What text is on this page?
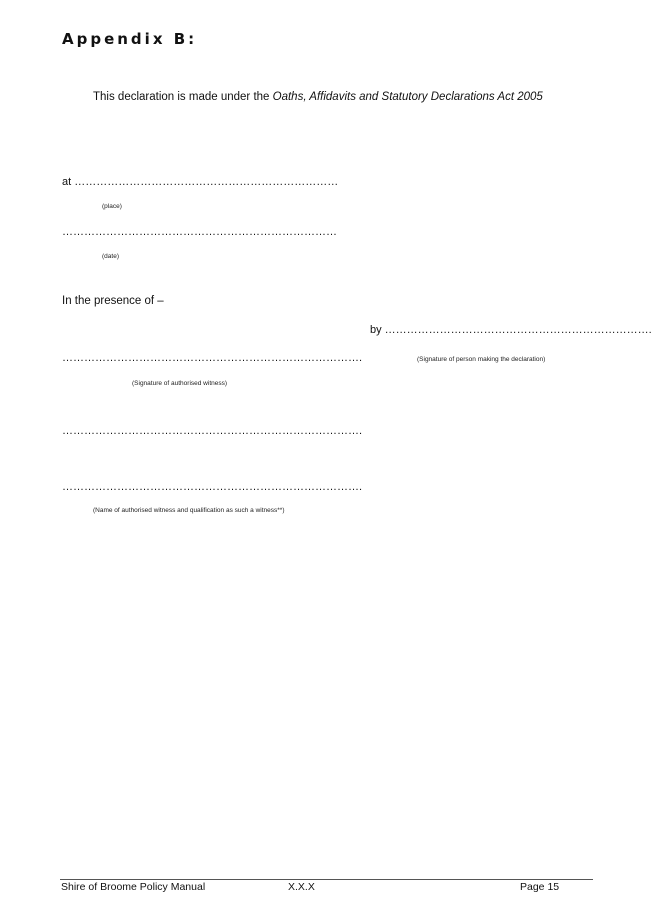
Appendix B:
This declaration is made under the Oaths, Affidavits and Statutory Declarations Act 2005
at ………………………………………………………………
(place)
…………………………………………………………………
(date)
In the presence of –
by ……………………………………………………………….
……………………………………………………………………….	(Signature of person making the declaration)
(Signature of authorised witness)
……………………………………………………………………….
……………………………………………………………………….
(Name of authorised witness and qualification as such a witness**)
Shire of Broome Policy Manual	X.X.X	Page 15
